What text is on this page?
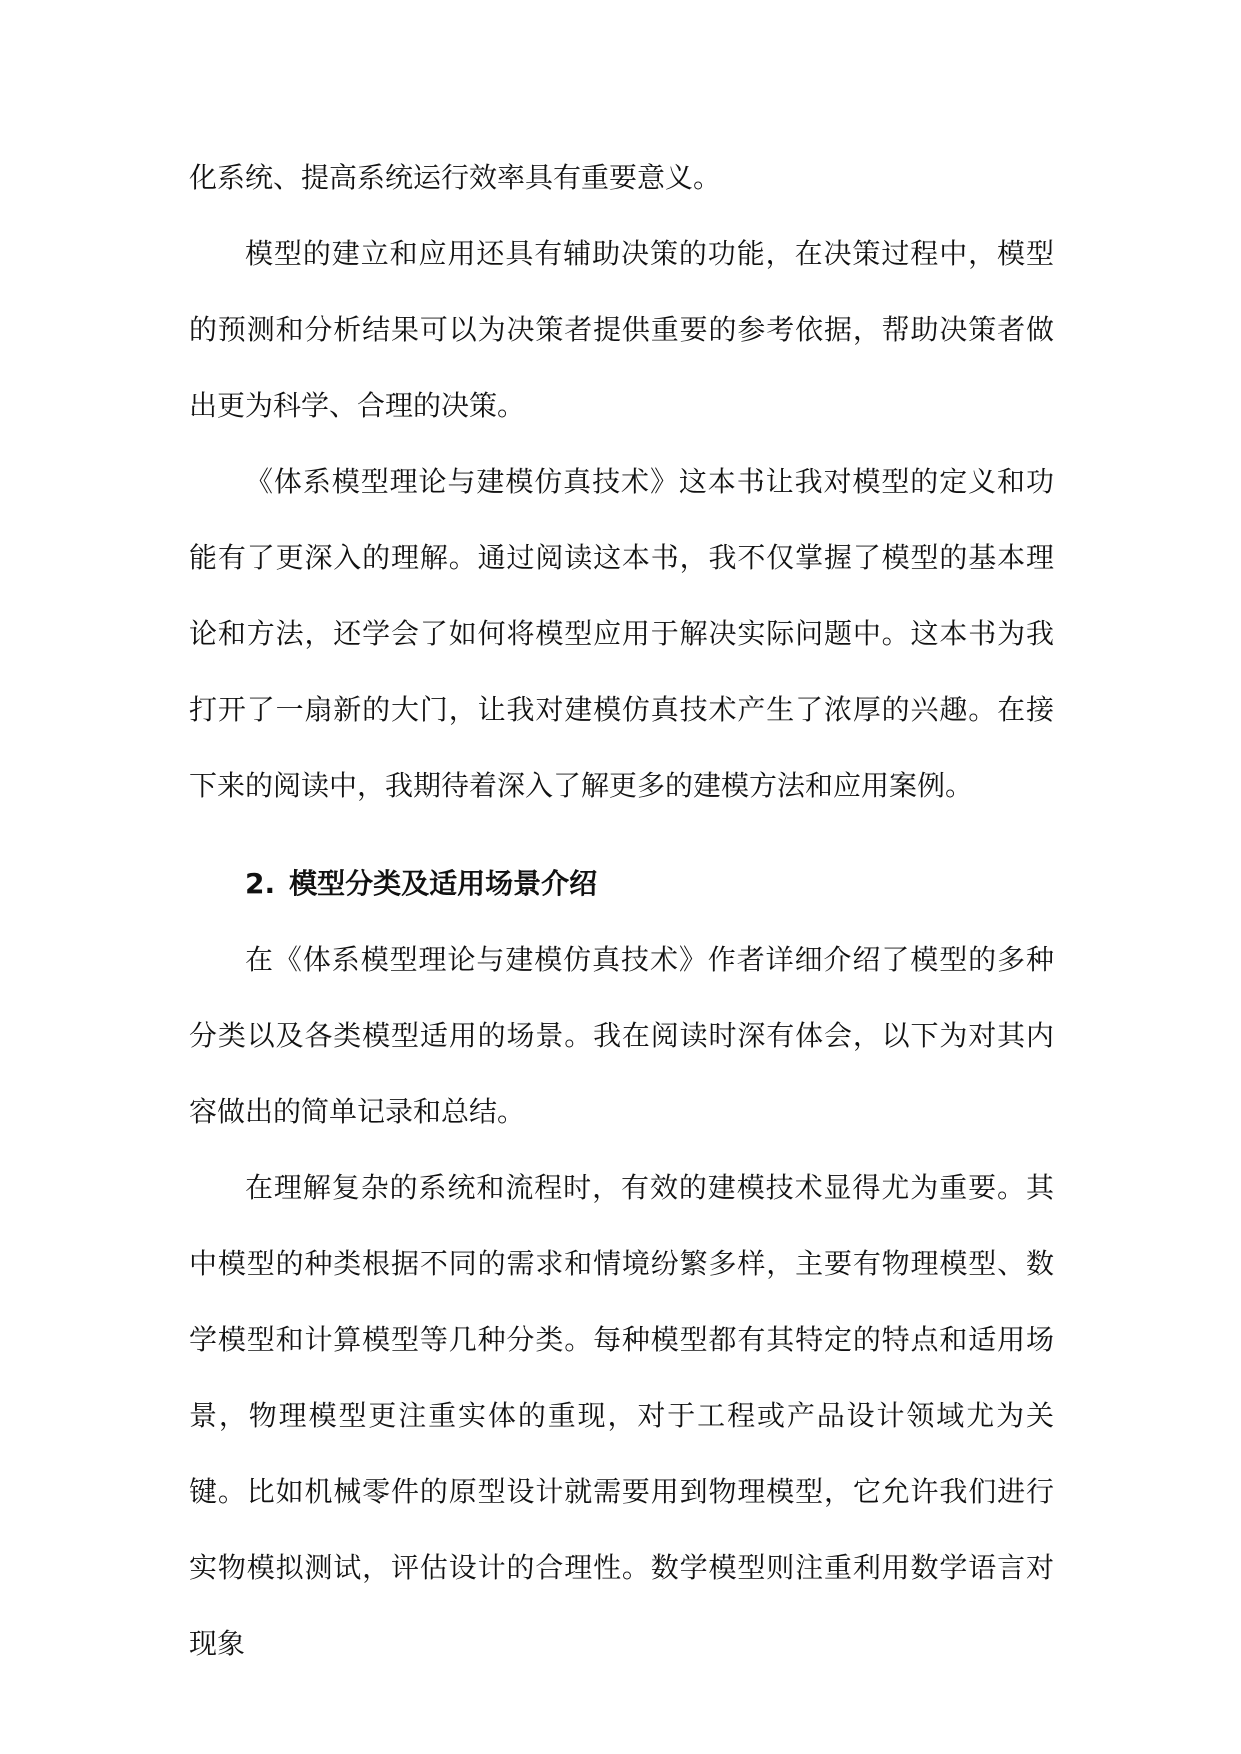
化系统、提高系统运行效率具有重要意义。

模型的建立和应用还具有辅助决策的功能，在决策过程中，模型的预测和分析结果可以为决策者提供重要的参考依据，帮助决策者做出更为科学、合理的决策。

《体系模型理论与建模仿真技术》这本书让我对模型的定义和功能有了更深入的理解。通过阅读这本书，我不仅掌握了模型的基本理论和方法，还学会了如何将模型应用于解决实际问题中。这本书为我打开了一扇新的大门，让我对建模仿真技术产生了浓厚的兴趣。在接下来的阅读中，我期待着深入了解更多的建模方法和应用案例。

2. 模型分类及适用场景介绍

在《体系模型理论与建模仿真技术》作者详细介绍了模型的多种分类以及各类模型适用的场景。我在阅读时深有体会，以下为对其内容做出的简单记录和总结。

在理解复杂的系统和流程时，有效的建模技术显得尤为重要。其中模型的种类根据不同的需求和情境纷繁多样，主要有物理模型、数学模型和计算模型等几种分类。每种模型都有其特定的特点和适用场景，物理模型更注重实体的重现，对于工程或产品设计领域尤为关键。比如机械零件的原型设计就需要用到物理模型，它允许我们进行实物模拟测试，评估设计的合理性。数学模型则注重利用数学语言对现象
